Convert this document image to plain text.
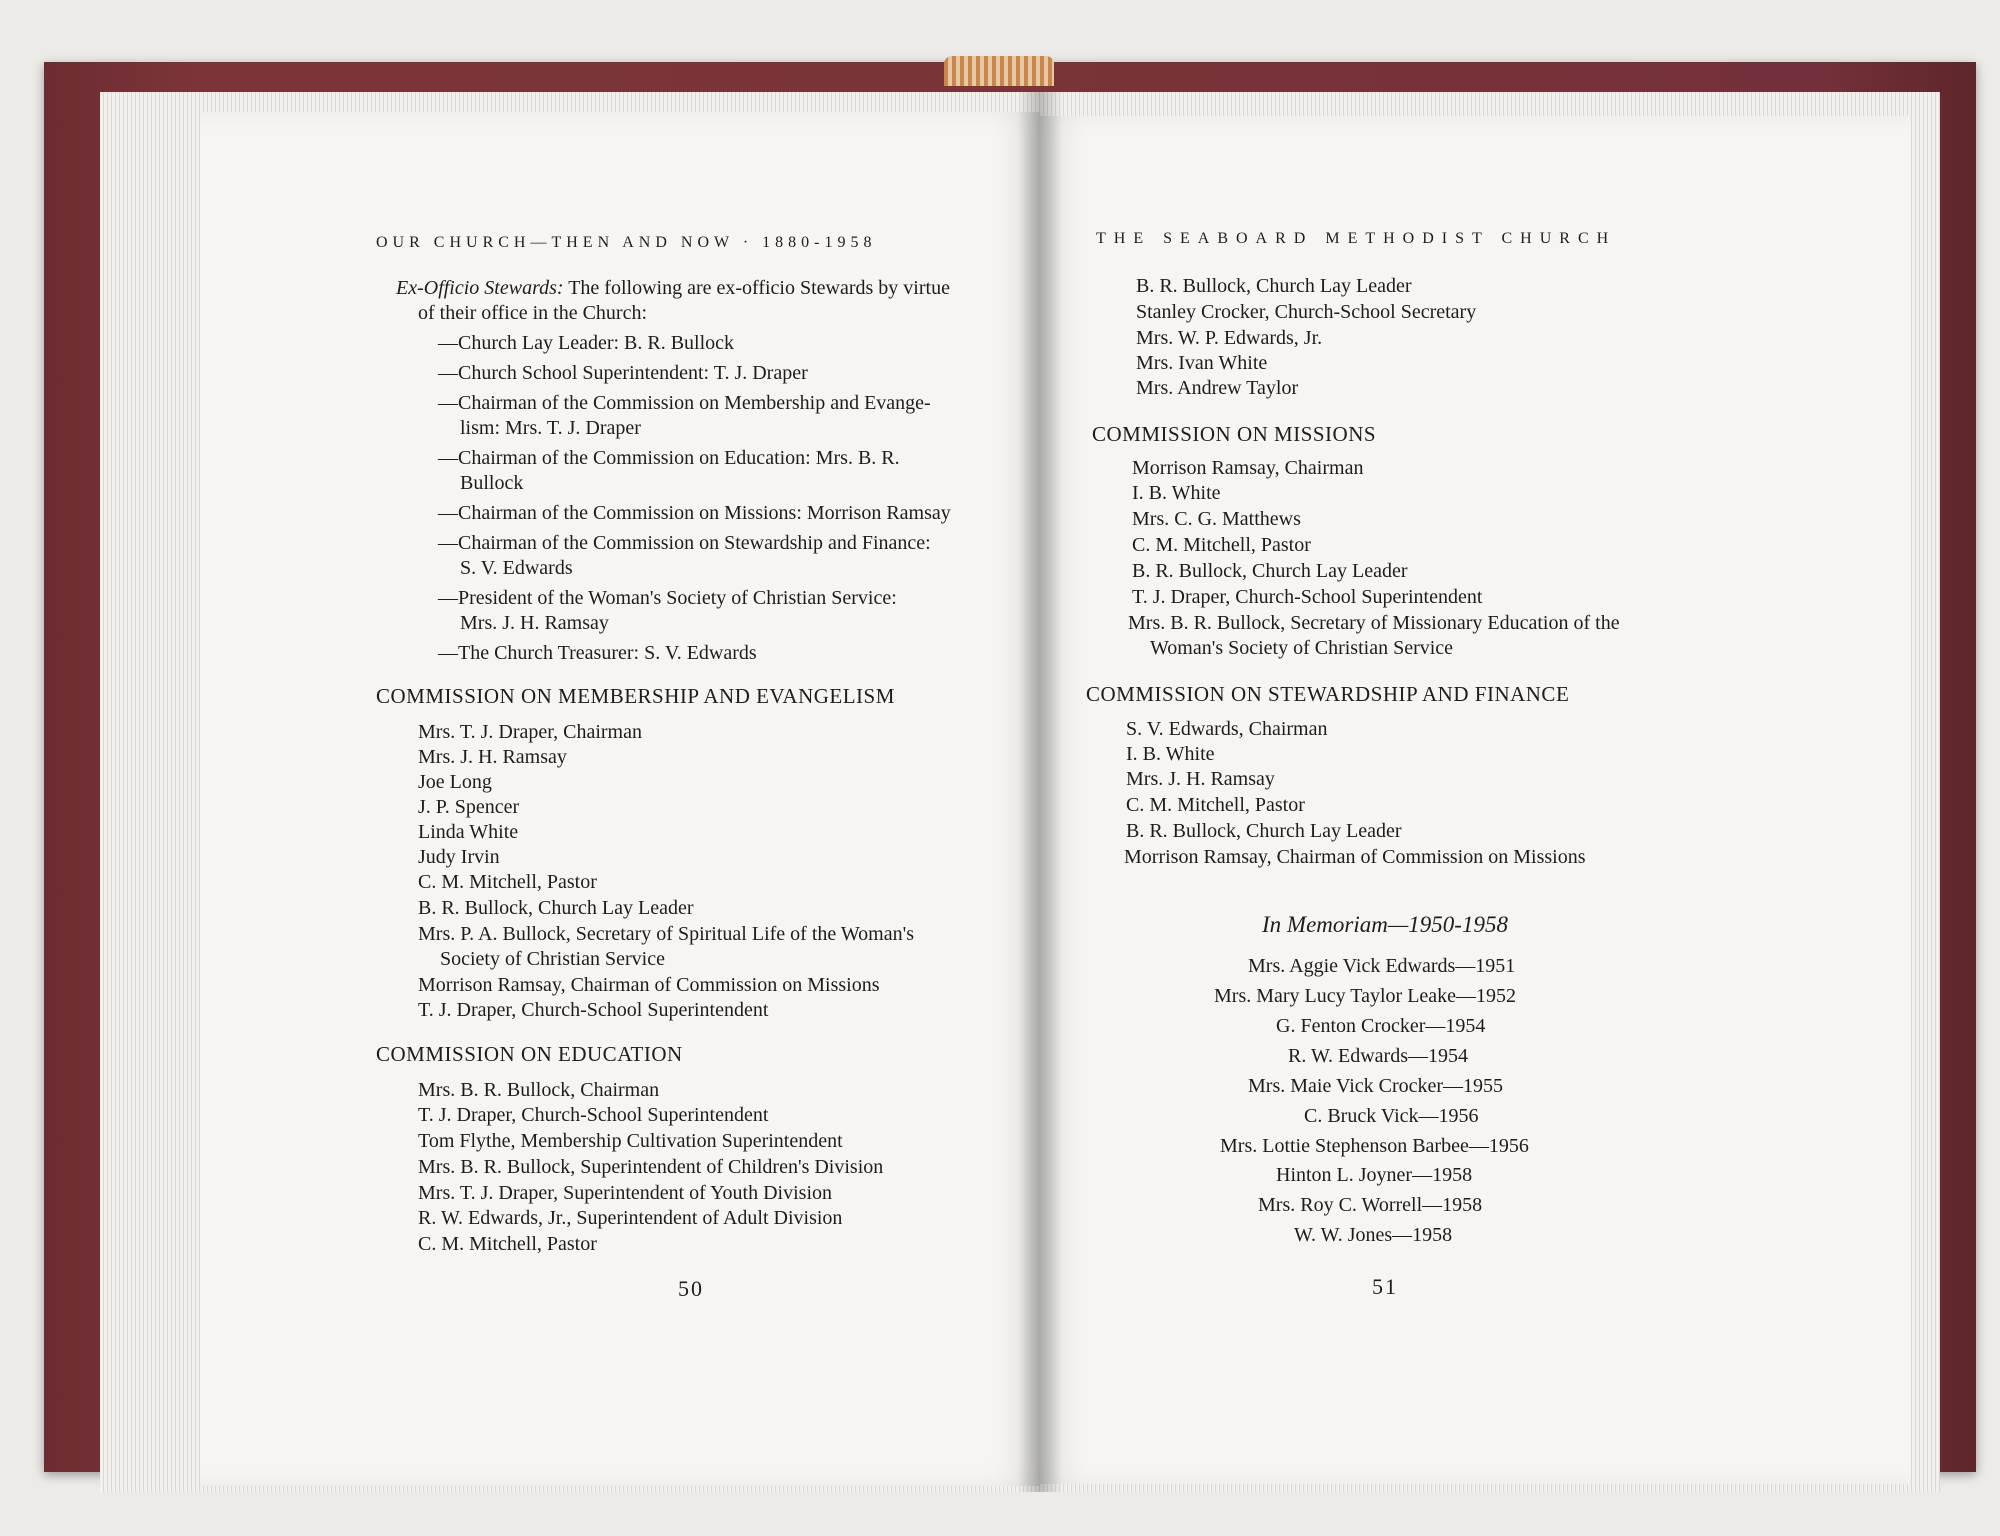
OUR CHURCH—THEN AND NOW · 1880-1958
Ex-Officio Stewards: The following are ex-officio Stewards by virtue
of their office in the Church:
—Church Lay Leader: B. R. Bullock
—Church School Superintendent: T. J. Draper
—Chairman of the Commission on Membership and Evange-
lism: Mrs. T. J. Draper
—Chairman of the Commission on Education: Mrs. B. R.
Bullock
—Chairman of the Commission on Missions: Morrison Ramsay
—Chairman of the Commission on Stewardship and Finance:
S. V. Edwards
—President of the Woman's Society of Christian Service:
Mrs. J. H. Ramsay
—The Church Treasurer: S. V. Edwards
COMMISSION ON MEMBERSHIP AND EVANGELISM
Mrs. T. J. Draper, Chairman
Mrs. J. H. Ramsay
Joe Long
J. P. Spencer
Linda White
Judy Irvin
C. M. Mitchell, Pastor
B. R. Bullock, Church Lay Leader
Mrs. P. A. Bullock, Secretary of Spiritual Life of the Woman's
Society of Christian Service
Morrison Ramsay, Chairman of Commission on Missions
T. J. Draper, Church-School Superintendent
COMMISSION ON EDUCATION
Mrs. B. R. Bullock, Chairman
T. J. Draper, Church-School Superintendent
Tom Flythe, Membership Cultivation Superintendent
Mrs. B. R. Bullock, Superintendent of Children's Division
Mrs. T. J. Draper, Superintendent of Youth Division
R. W. Edwards, Jr., Superintendent of Adult Division
C. M. Mitchell, Pastor
50
THE SEABOARD METHODIST CHURCH
B. R. Bullock, Church Lay Leader
Stanley Crocker, Church-School Secretary
Mrs. W. P. Edwards, Jr.
Mrs. Ivan White
Mrs. Andrew Taylor
COMMISSION ON MISSIONS
Morrison Ramsay, Chairman
I. B. White
Mrs. C. G. Matthews
C. M. Mitchell, Pastor
B. R. Bullock, Church Lay Leader
T. J. Draper, Church-School Superintendent
Mrs. B. R. Bullock, Secretary of Missionary Education of the
Woman's Society of Christian Service
COMMISSION ON STEWARDSHIP AND FINANCE
S. V. Edwards, Chairman
I. B. White
Mrs. J. H. Ramsay
C. M. Mitchell, Pastor
B. R. Bullock, Church Lay Leader
Morrison Ramsay, Chairman of Commission on Missions
In Memoriam—1950-1958
Mrs. Aggie Vick Edwards—1951
Mrs. Mary Lucy Taylor Leake—1952
G. Fenton Crocker—1954
R. W. Edwards—1954
Mrs. Maie Vick Crocker—1955
C. Bruck Vick—1956
Mrs. Lottie Stephenson Barbee—1956
Hinton L. Joyner—1958
Mrs. Roy C. Worrell—1958
W. W. Jones—1958
51
